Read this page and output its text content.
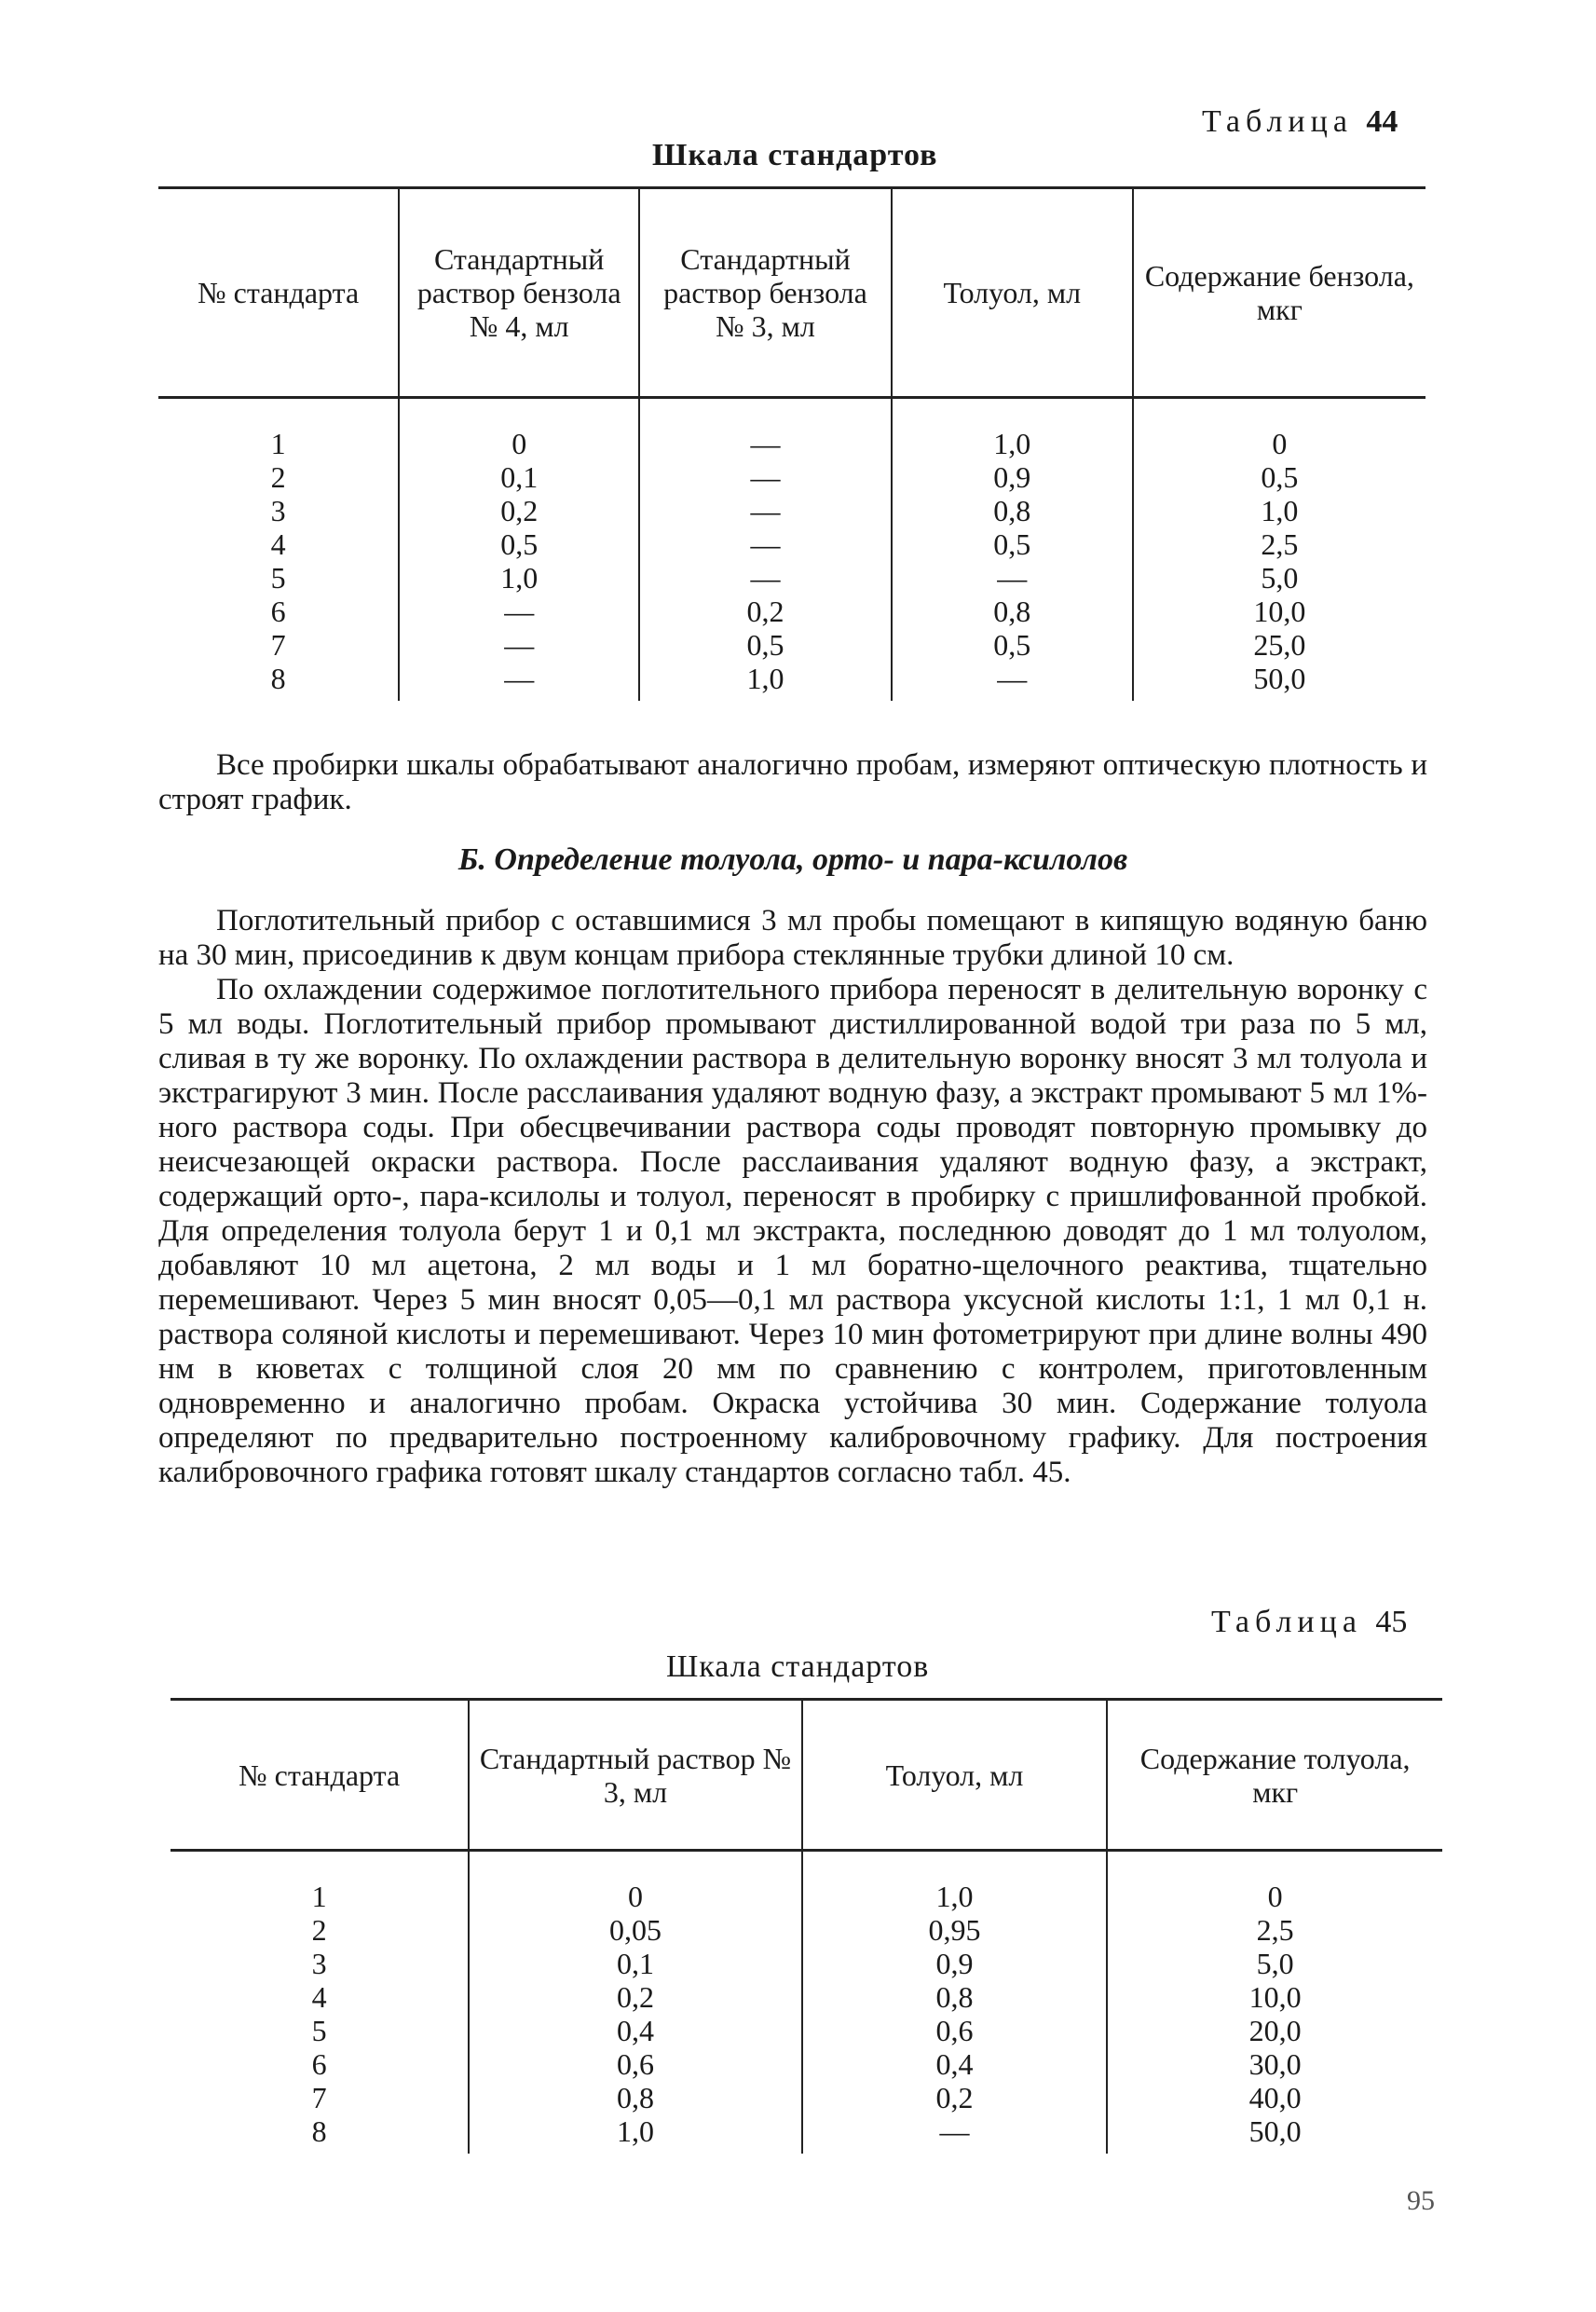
Таблица 44
Шкала стандартов
№ стандарта	Стандартный раствор бензола № 4, мл	Стандартный раствор бензола № 3, мл	Толуол, мл	Содержание бензола, мкг
1	0	—	1,0	0
2	0,1	—	0,9	0,5
3	0,2	—	0,8	1,0
4	0,5	—	0,5	2,5
5	1,0	—	—	5,0
6	—	0,2	0,8	10,0
7	—	0,5	0,5	25,0
8	—	1,0	—	50,0

Все пробирки шкалы обрабатывают аналогично пробам, измеряют оптическую плотность и строят график.

Б. Определение толуола, орто- и пара-ксилолов

Поглотительный прибор с оставшимися 3 мл пробы помещают в кипящую водяную баню на 30 мин, присоединив к двум концам прибора стеклянные трубки длиной 10 см.

По охлаждении содержимое поглотительного прибора переносят в делительную воронку с 5 мл воды. Поглотительный прибор промывают дистиллированной водой три раза по 5 мл, сливая в ту же воронку. По охлаждении раствора в делительную воронку вносят 3 мл толуола и экстрагируют 3 мин. После расслаивания удаляют водную фазу, а экстракт промывают 5 мл 1%-ного раствора соды. При обесцвечивании раствора соды проводят повторную промывку до неисчезающей окраски раствора. После расслаивания удаляют водную фазу, а экстракт, содержащий орто-, пара-ксилолы и толуол, переносят в пробирку с пришлифованной пробкой. Для определения толуола берут 1 и 0,1 мл экстракта, последнюю доводят до 1 мл толуолом, добавляют 10 мл ацетона, 2 мл воды и 1 мл боратно-щелочного реактива, тщательно перемешивают. Через 5 мин вносят 0,05—0,1 мл раствора уксусной кислоты 1:1, 1 мл 0,1 н. раствора соляной кислоты и перемешивают. Через 10 мин фотометрируют при длине волны 490 нм в кюветах с толщиной слоя 20 мм по сравнению с контролем, приготовленным одновременно и аналогично пробам. Окраска устойчива 30 мин. Содержание толуола определяют по предварительно построенному калибровочному графику. Для построения калибровочного графика готовят шкалу стандартов согласно табл. 45.

Таблица 45
Шкала стандартов
№ стандарта	Стандартный раствор № 3, мл	Толуол, мл	Содержание толуола, мкг
1	0	1,0	0
2	0,05	0,95	2,5
3	0,1	0,9	5,0
4	0,2	0,8	10,0
5	0,4	0,6	20,0
6	0,6	0,4	30,0
7	0,8	0,2	40,0
8	1,0	—	50,0
95
